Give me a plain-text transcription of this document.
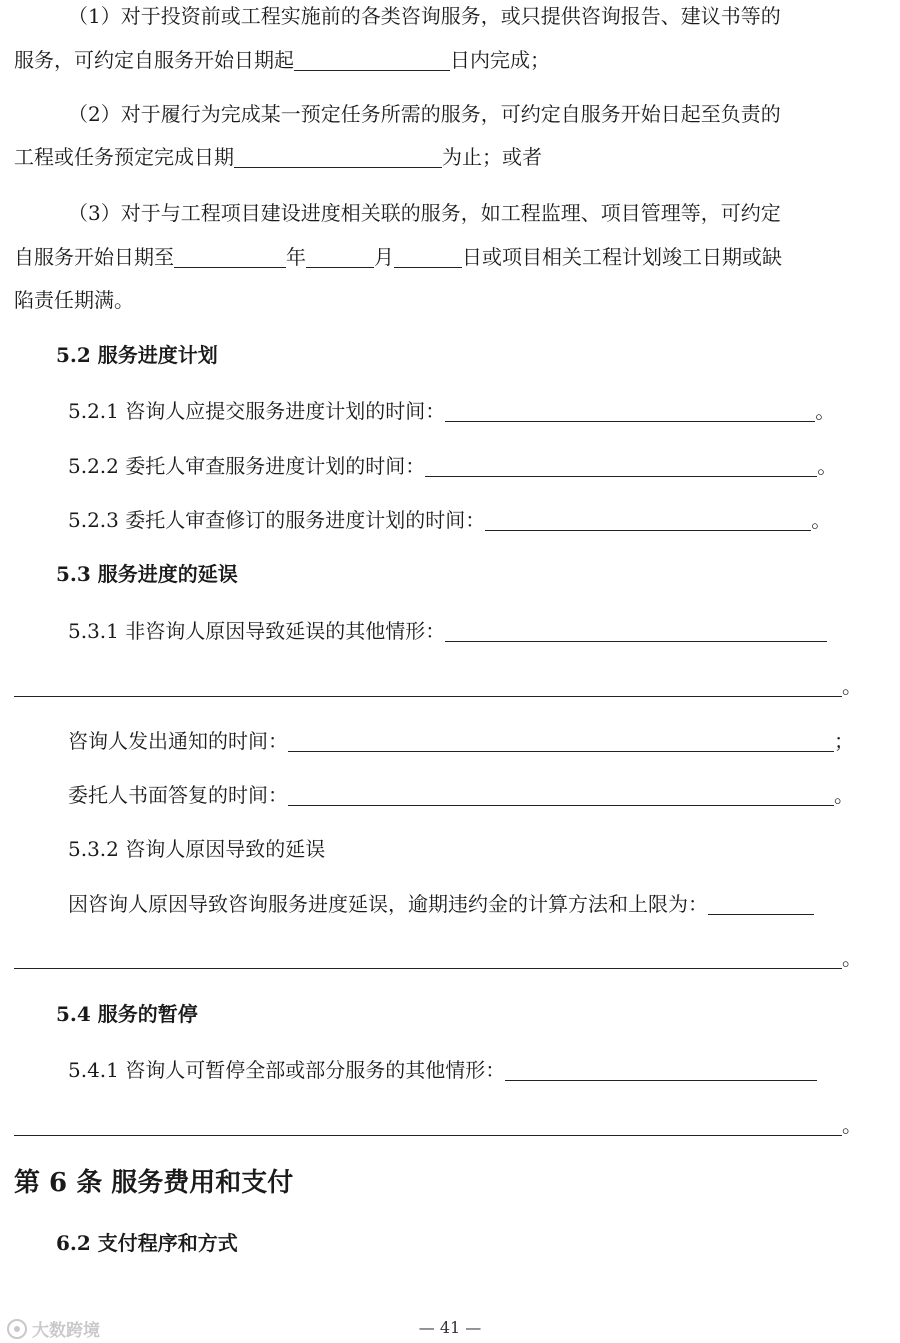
（1）对于投资前或工程实施前的各类咨询服务，或只提供咨询报告、建议书等的
服务，可约定自服务开始日期起	日内完成；
（2）对于履行为完成某一预定任务所需的服务，可约定自服务开始日起至负责的
工程或任务预定完成日期	为止；或者
（3）对于与工程项目建设进度相关联的服务，如工程监理、项目管理等，可约定
自服务开始日期至	年	月	日或项目相关工程计划竣工日期或缺
陷责任期满。
5.2 服务进度计划
5.2.1 咨询人应提交服务进度计划的时间：	。
5.2.2 委托人审查服务进度计划的时间：	。
5.2.3 委托人审查修订的服务进度计划的时间：	。
5.3 服务进度的延误
5.3.1 非咨询人原因导致延误的其他情形：
。
咨询人发出通知的时间：	；
委托人书面答复的时间：	。
5.3.2 咨询人原因导致的延误
因咨询人原因导致咨询服务进度延误，逾期违约金的计算方法和上限为：
。
5.4 服务的暂停
5.4.1 咨询人可暂停全部或部分服务的其他情形：
。
第 6 条 服务费用和支付
6.2 支付程序和方式
大数跨境	— 41 —
